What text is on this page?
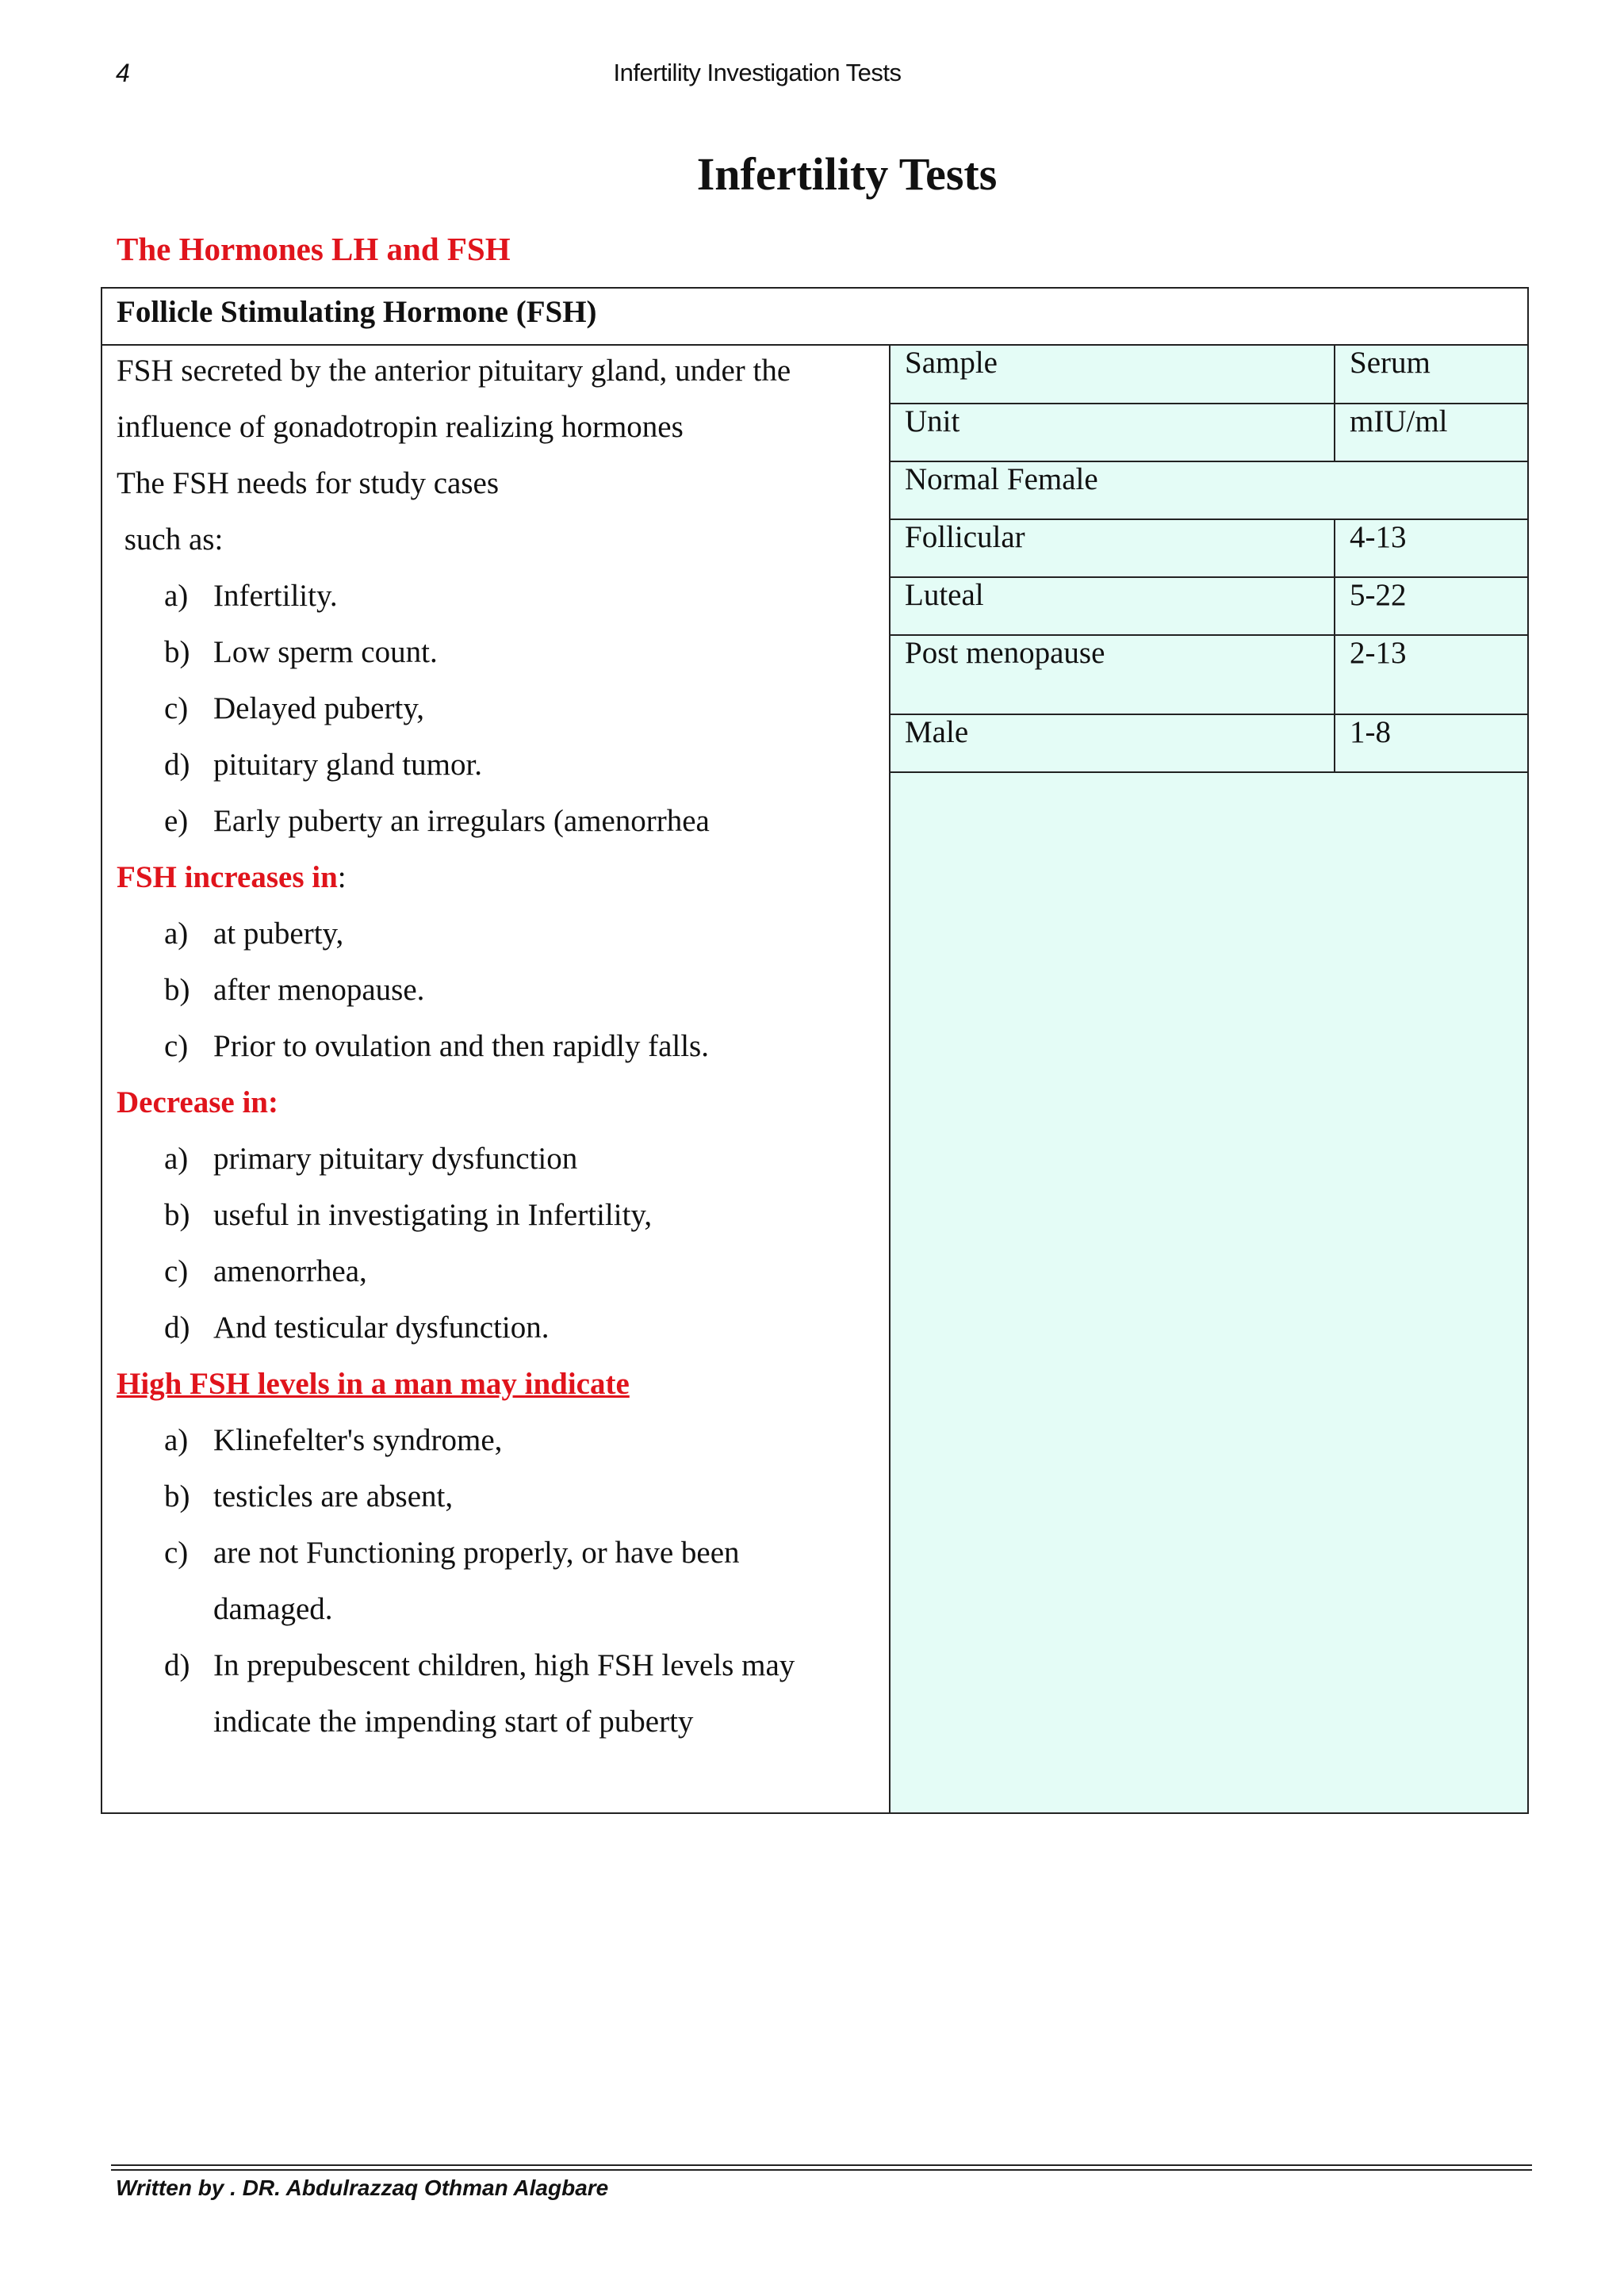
4	Infertility Investigation Tests
Infertility Tests
The Hormones LH and FSH
Follicle Stimulating Hormone (FSH)
FSH secreted by the anterior pituitary gland, under the
influence of gonadotropin realizing hormones
The FSH needs for study cases
such as:
a) Infertility.
b) Low sperm count.
c) Delayed puberty,
d) pituitary gland tumor.
e) Early puberty an irregulars (amenorrhea
FSH increases in:
a) at puberty,
b) after menopause.
c) Prior to ovulation and then rapidly falls.
Decrease in:
a) primary pituitary dysfunction
b) useful in investigating in Infertility,
c) amenorrhea,
d) And testicular dysfunction.
High FSH levels in a man may indicate
a) Klinefelter's syndrome,
b) testicles are absent,
c) are not Functioning properly, or have been
damaged.
d) In prepubescent children, high FSH levels may
indicate the impending start of puberty
Sample	Serum
Unit	mIU/ml
Normal Female	
Follicular	4-13
Luteal	5-22
Post menopause	2-13
Male	1-8
Written by . DR. Abdulrazzaq Othman Alagbare
